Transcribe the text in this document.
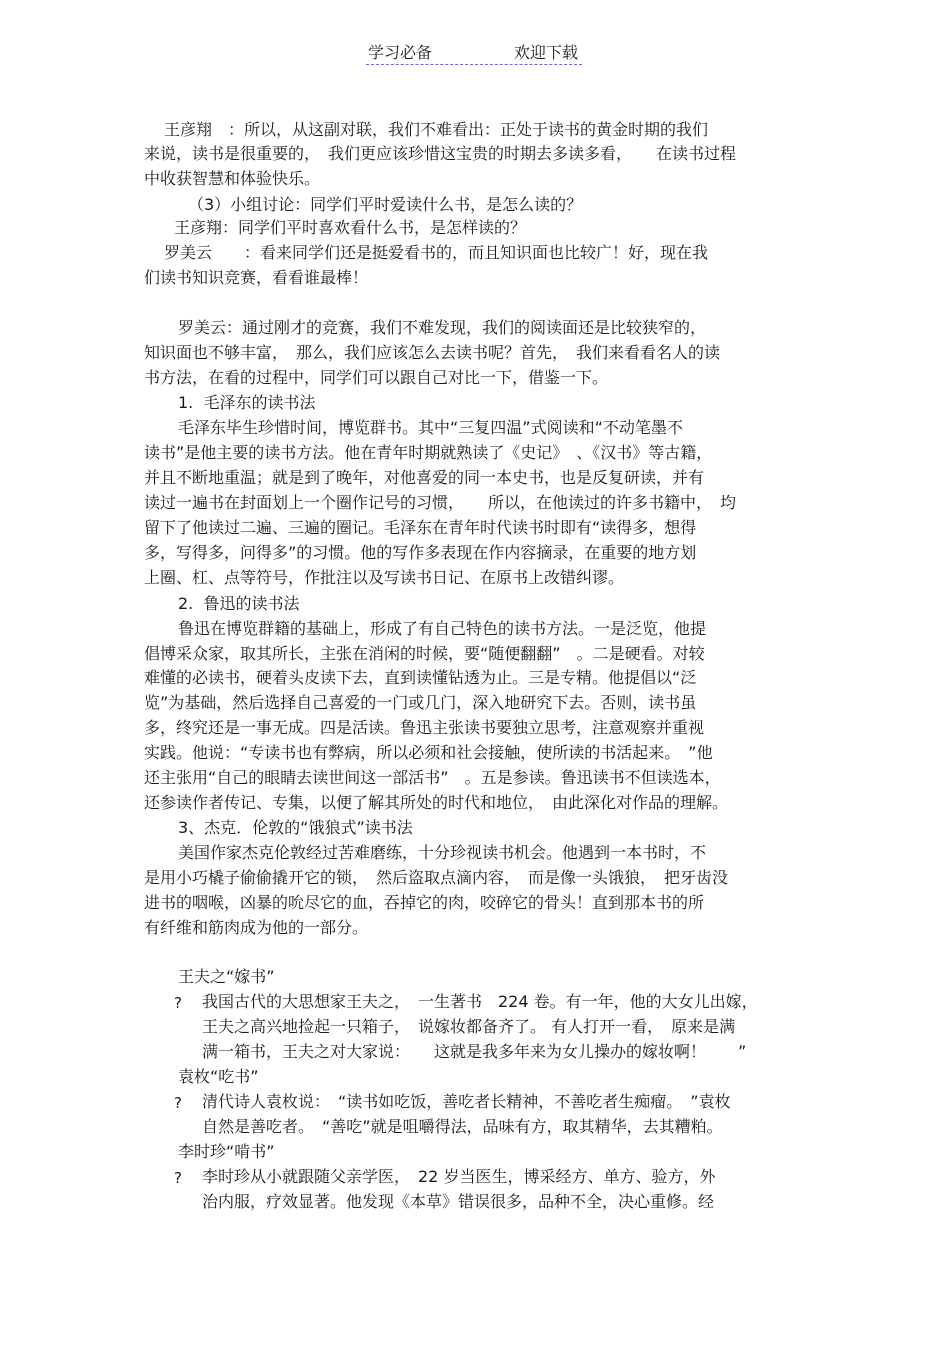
学习必备	欢迎下载
王彦翔　：所以，从这副对联，我们不难看出：正处于读书的黄金时期的我们
来说，读书是很重要的，　我们更应该珍惜这宝贵的时期去多读多看，　　在读书过程
中收获智慧和体验快乐。
（3）小组讨论：同学们平时爱读什么书，是怎么读的？
王彦翔：同学们平时喜欢看什么书，是怎样读的？
罗美云　　：看来同学们还是挺爱看书的，而且知识面也比较广！好，现在我
们读书知识竞赛，看看谁最棒！
罗美云：通过刚才的竞赛，我们不难发现，我们的阅读面还是比较狭窄的，
知识面也不够丰富，　那么，我们应该怎么去读书呢？首先，　我们来看看名人的读
书方法，在看的过程中，同学们可以跟自己对比一下，借鉴一下。
1.  毛泽东的读书法
毛泽东毕生珍惜时间，博览群书。其中“三复四温”式阅读和“不动笔墨不
读书”是他主要的读书方法。他在青年时期就熟读了《史记》　、《汉书》等古籍，
并且不断地重温；就是到了晚年，对他喜爱的同一本史书，也是反复研读，并有
读过一遍书在封面划上一个圈作记号的习惯，　　所以，在他读过的许多书籍中，　均
留下了他读过二遍、三遍的圈记。毛泽东在青年时代读书时即有“读得多，想得
多，写得多，问得多”的习惯。他的写作多表现在作内容摘录，在重要的地方划
上圈、杠、点等符号，作批注以及写读书日记、在原书上改错纠谬。
2.  鲁迅的读书法
鲁迅在博览群籍的基础上，形成了有自己特色的读书方法。一是泛览，他提
倡博采众家，取其所长，主张在消闲的时候，要“随便翻翻”　。二是硬看。对较
难懂的必读书，硬着头皮读下去，直到读懂钻透为止。三是专精。他提倡以“泛
览”为基础，然后选择自己喜爱的一门或几门，深入地研究下去。否则，读书虽
多，终究还是一事无成。四是活读。鲁迅主张读书要独立思考，注意观察并重视
实践。他说：“专读书也有弊病，所以必须和社会接触，使所读的书活起来。　”他
还主张用“自己的眼睛去读世间这一部活书”　。五是参读。鲁迅读书不但读选本，
还参读作者传记、专集，以便了解其所处的时代和地位，　由此深化对作品的理解。
3、杰克．伦敦的“饿狼式”读书法
美国作家杰克伦敦经过苦难磨练，十分珍视读书机会。他遇到一本书时，不
是用小巧橇子偷偷撬开它的锁，　然后盗取点滴内容，　而是像一头饿狼，　把牙齿没
进书的咽喉，凶暴的吮尽它的血，吞掉它的肉，咬碎它的骨头！直到那本书的所
有纤维和筋肉成为他的一部分。
王夫之“嫁书”
? 我国古代的大思想家王夫之，　一生著书　224 卷。有一年，他的大女儿出嫁，
王夫之高兴地捡起一只箱子，　说嫁妆都备齐了。 有人打开一看，　原来是满
满一箱书，王夫之对大家说：　　这就是我多年来为女儿操办的嫁妆啊！　　”
袁枚“吃书”
? 清代诗人袁枚说：　“读书如吃饭，善吃者长精神，不善吃者生痴瘤。　”袁枚
自然是善吃者。　“善吃”就是咀嚼得法，品味有方，取其精华，去其糟粕。
李时珍“啃书”
? 李时珍从小就跟随父亲学医，　22 岁当医生，博采经方、单方、验方，外
治内服，疗效显著。他发现《本草》错误很多，品种不全，决心重修。经
